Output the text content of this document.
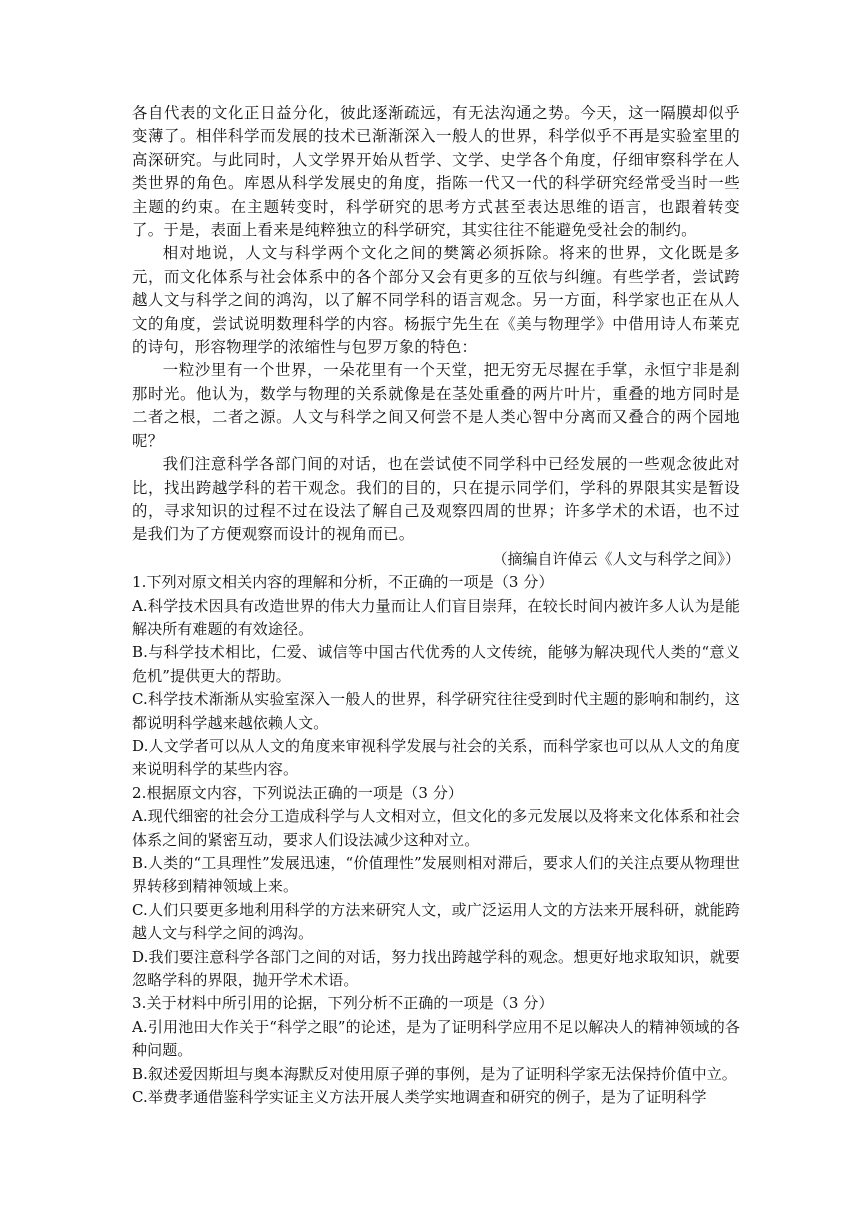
各自代表的文化正日益分化，彼此逐渐疏远，有无法沟通之势。今天，这一隔膜却似乎变薄了。相伴科学而发展的技术已渐渐深入一般人的世界，科学似乎不再是实验室里的高深研究。与此同时，人文学界开始从哲学、文学、史学各个角度，仔细审察科学在人类世界的角色。库恩从科学发展史的角度，指陈一代又一代的科学研究经常受当时一些主题的约束。在主题转变时，科学研究的思考方式甚至表达思维的语言，也跟着转变了。于是，表面上看来是纯粹独立的科学研究，其实往往不能避免受社会的制约。

相对地说，人文与科学两个文化之间的樊篱必须拆除。将来的世界，文化既是多元，而文化体系与社会体系中的各个部分又会有更多的互依与纠缠。有些学者，尝试跨越人文与科学之间的鸿沟，以了解不同学科的语言观念。另一方面，科学家也正在从人文的角度，尝试说明数理科学的内容。杨振宁先生在《美与物理学》中借用诗人布莱克的诗句，形容物理学的浓缩性与包罗万象的特色：

一粒沙里有一个世界，一朵花里有一个天堂，把无穷无尽握在手掌，永恒宁非是刹那时光。他认为，数学与物理的关系就像是在茎处重叠的两片叶片，重叠的地方同时是二者之根，二者之源。人文与科学之间又何尝不是人类心智中分离而又叠合的两个园地呢？

我们注意科学各部门间的对话，也在尝试使不同学科中已经发展的一些观念彼此对比，找出跨越学科的若干观念。我们的目的，只在提示同学们，学科的界限其实是暂设的，寻求知识的过程不过在设法了解自己及观察四周的世界；许多学术的术语，也不过是我们为了方便观察而设计的视角而已。

（摘编自许倬云《人文与科学之间》）

1.下列对原文相关内容的理解和分析，不正确的一项是（3 分）

A.科学技术因具有改造世界的伟大力量而让人们盲目崇拜，在较长时间内被许多人认为是能解决所有难题的有效途径。

B.与科学技术相比，仁爱、诚信等中国古代优秀的人文传统，能够为解决现代人类的“意义危机”提供更大的帮助。

C.科学技术渐渐从实验室深入一般人的世界，科学研究往往受到时代主题的影响和制约，这都说明科学越来越依赖人文。

D.人文学者可以从人文的角度来审视科学发展与社会的关系，而科学家也可以从人文的角度来说明科学的某些内容。

2.根据原文内容，下列说法正确的一项是（3 分）

A.现代细密的社会分工造成科学与人文相对立，但文化的多元发展以及将来文化体系和社会体系之间的紧密互动，要求人们设法减少这种对立。

B.人类的“工具理性”发展迅速，“价值理性”发展则相对滞后，要求人们的关注点要从物理世界转移到精神领域上来。

C.人们只要更多地利用科学的方法来研究人文，或广泛运用人文的方法来开展科研，就能跨越人文与科学之间的鸿沟。

D.我们要注意科学各部门之间的对话，努力找出跨越学科的观念。想更好地求取知识，就要忽略学科的界限，抛开学术术语。

3.关于材料中所引用的论据，下列分析不正确的一项是（3 分）

A.引用池田大作关于“科学之眼”的论述，是为了证明科学应用不足以解决人的精神领域的各种问题。

B.叙述爱因斯坦与奥本海默反对使用原子弹的事例，是为了证明科学家无法保持价值中立。

C.举费孝通借鉴科学实证主义方法开展人类学实地调查和研究的例子，是为了证明科学
